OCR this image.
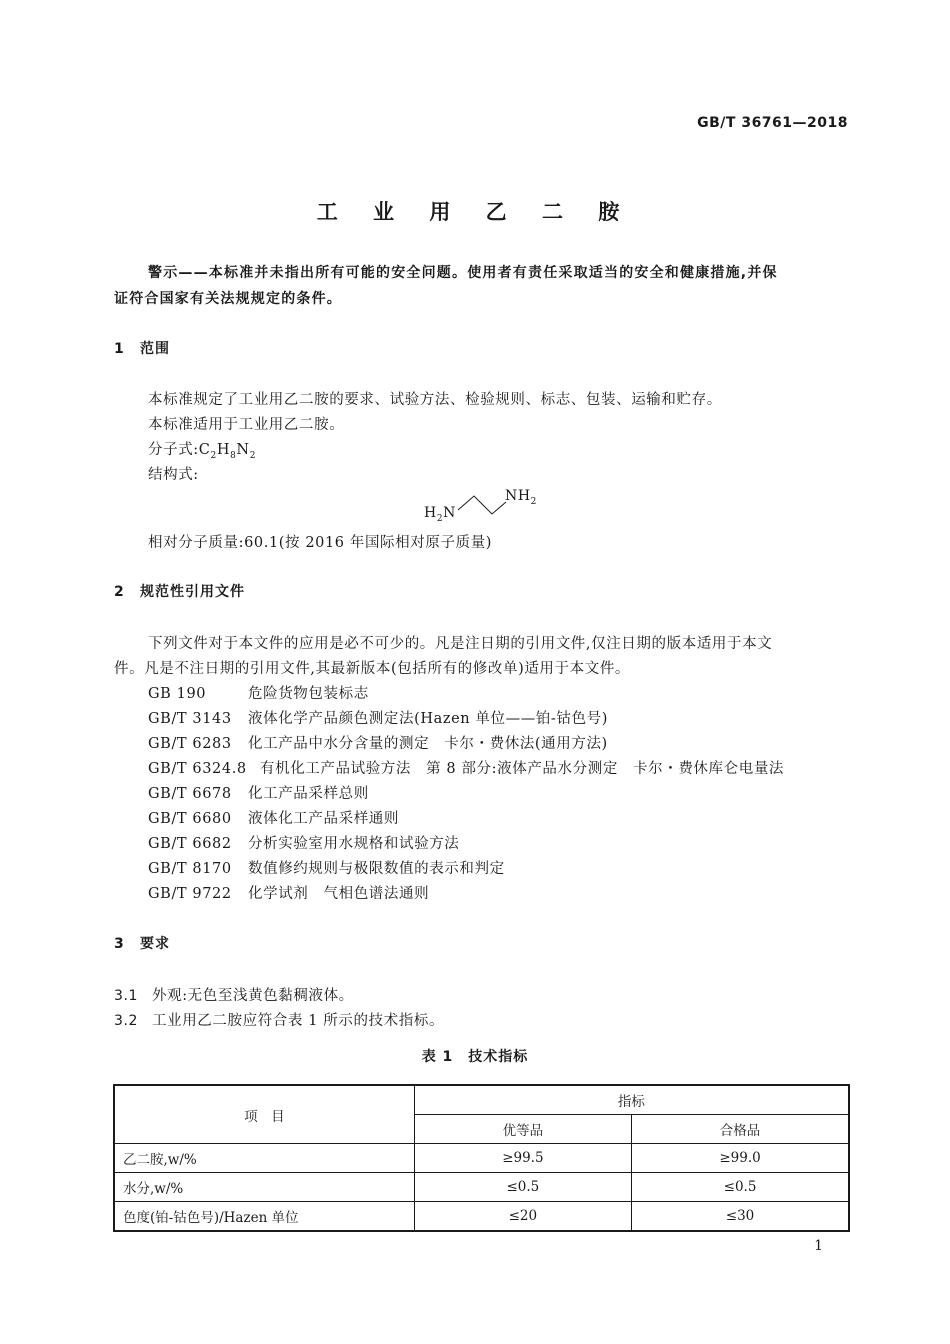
GB/T 36761—2018
工 业 用 乙 二 胺
警示——本标准并未指出所有可能的安全问题。使用者有责任采取适当的安全和健康措施,并保
证符合国家有关法规规定的条件。
1 范围
本标准规定了工业用乙二胺的要求、试验方法、检验规则、标志、包装、运输和贮存。
本标准适用于工业用乙二胺。
分子式$:C_2H_8N_2$
结构式:
$H_2N$
$NH_2$
相对分子质量:60.1(按 2016 年国际相对原子质量)
2 规范性引用文件
下列文件对于本文件的应用是必不可少的。凡是注日期的引用文件,仅注日期的版本适用于本文
件。凡是不注日期的引用文件,其最新版本(包括所有的修改单)适用于本文件。
GB 190	危险货物包装标志
GB/T 3143 液体化学产品颜色测定法(Hazen 单位——铂-钴色号)
GB/T 6283 化工产品中水分含量的测定　卡尔・费休法(通用方法)
GB/T 6324.8 有机化工产品试验方法　第 8 部分:液体产品水分测定　卡尔・费休库仑电量法
GB/T 6678 化工产品采样总则
GB/T 6680 液体化工产品采样通则
GB/T 6682 分析实验室用水规格和试验方法
GB/T 8170 数值修约规则与极限数值的表示和判定
GB/T 9722 化学试剂　气相色谱法通则
3 要求
3.1 外观:无色至浅黄色黏稠液体。
3.2 工业用乙二胺应符合表 1 所示的技术指标。
表 1　技术指标
项　目	指标	
	优等品	合格品
乙二胺,w/%	≥99.5	≥99.0
水分,w/%	≤0.5	≤0.5
色度(铂-钴色号)/Hazen 单位	≤20	≤30
1
